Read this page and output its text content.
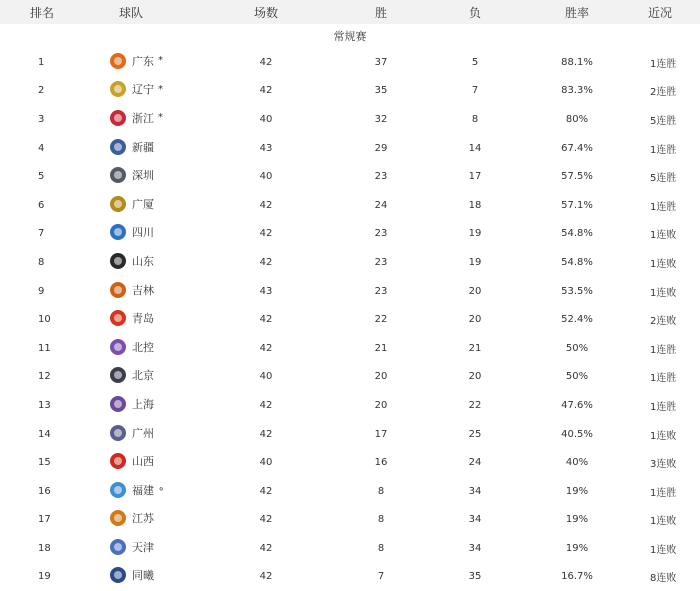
排名	球队	场数	胜	负	胜率	近况
常规赛						
1	广东 *	42	37	5	88.1%	1连胜
2	辽宁 *	42	35	7	83.3%	2连胜
3	浙江 *	40	32	8	80%	5连胜
4	新疆	43	29	14	67.4%	1连胜
5	深圳	40	23	17	57.5%	5连胜
6	广厦	42	24	18	57.1%	1连胜
7	四川	42	23	19	54.8%	1连败
8	山东	42	23	19	54.8%	1连败
9	吉林	43	23	20	53.5%	1连败
10	青岛	42	22	20	52.4%	2连败
11	北控	42	21	21	50%	1连胜
12	北京	40	20	20	50%	1连胜
13	上海	42	20	22	47.6%	1连胜
14	广州	42	17	25	40.5%	1连败
15	山西	40	16	24	40%	3连败
16	福建 ∘	42	8	34	19%	1连胜
17	江苏	42	8	34	19%	1连败
18	天津	42	8	34	19%	1连败
19	同曦	42	7	35	16.7%	8连败
